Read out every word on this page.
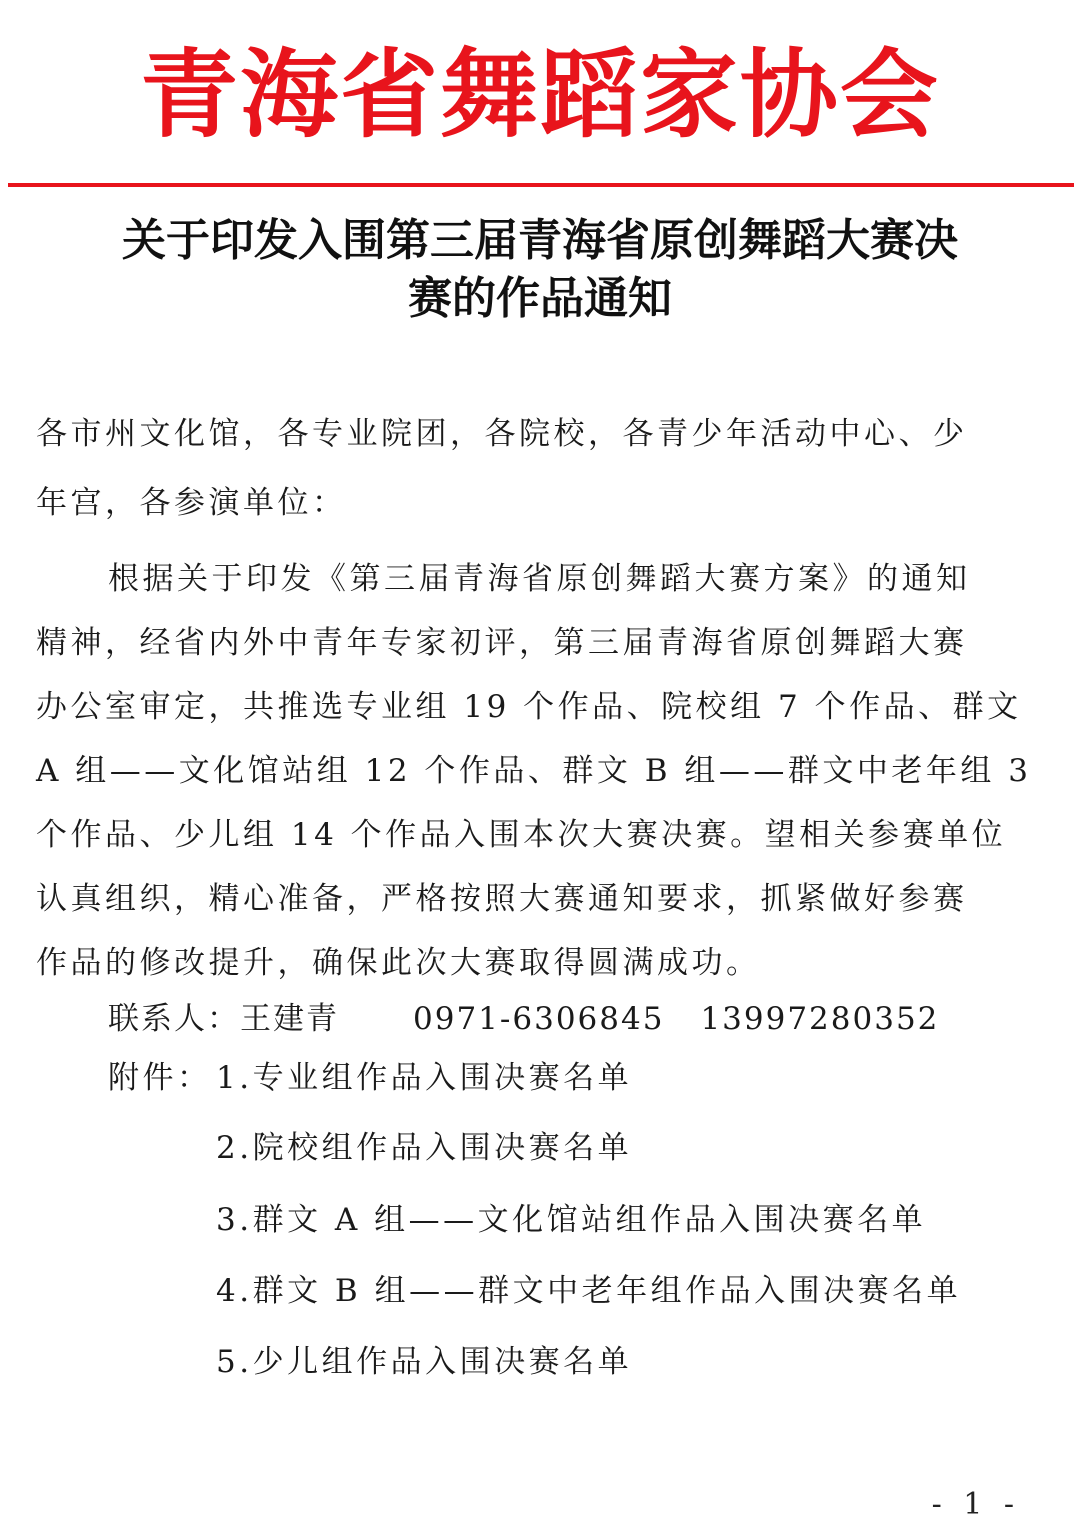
青海省舞蹈家协会
关于印发入围第三届青海省原创舞蹈大赛决
赛的作品通知
各市州文化馆，各专业院团，各院校，各青少年活动中心、少
年宫，各参演单位：
根据关于印发《第三届青海省原创舞蹈大赛方案》的通知
精神，经省内外中青年专家初评，第三届青海省原创舞蹈大赛
办公室审定，共推选专业组 19 个作品、院校组 7 个作品、群文
A 组——文化馆站组 12 个作品、群文 B 组——群文中老年组 3
个作品、少儿组 14 个作品入围本次大赛决赛。望相关参赛单位
认真组织，精心准备，严格按照大赛通知要求，抓紧做好参赛
作品的修改提升，确保此次大赛取得圆满成功。
联系人：王建青 0971-6306845 13997280352
附件： 1.专业组作品入围决赛名单
2.院校组作品入围决赛名单
3.群文 A 组——文化馆站组作品入围决赛名单
4.群文 B 组——群文中老年组作品入围决赛名单
5.少儿组作品入围决赛名单
- 1 -
